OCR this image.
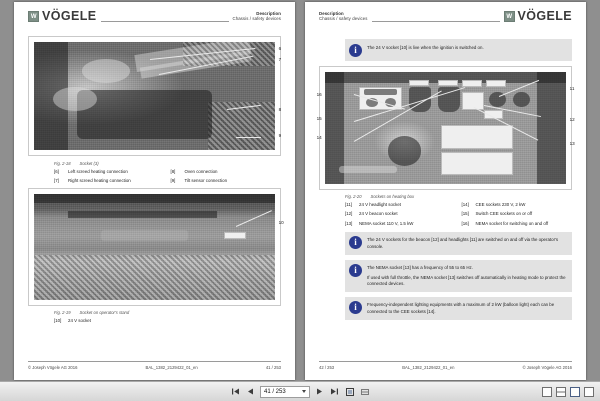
W VÖGELE	Description
Chassis / safety devices
6
7
8
9
Fig. 2-18 Socket (3)
[6]	Left screed heating connection	[8]	Oven connection
[7]	Right screed heating connection	[9]	Tilt sensor connection
10
Fig. 2-19 Socket on operator's stand
[10]	24 V socket
© Joseph Vögele AG 2016	BAL_1382_2129422_01_en	41 / 253
W VÖGELE
Description
Chassis / safety devices
i	The 24 V socket [10] is live when the ignition is switched on.

16
15
14
11
12
13
Fig. 2-20 Sockets on heating box
[11]	24 V headlight socket	[14]	CEE sockets 230 V, 2 kW
[12]	24 V beacon socket	[15]	Switch CEE sockets on or off
[13]	NEMA socket 110 V, 1.5 kW	[16]	NEMA socket for switching on and off
i	The 24 V sockets for the beacon [12] and headlights [11] are switched on and off via the operator's console.

i	The NEMA socket [13] has a frequency of 55 to 65 Hz.

If used with full throttle, the NEMA socket [13] switches off automatically in heating mode to protect the connected devices.

i	Frequency-independent lighting equipments with a maximum of 2 kW (balloon light) each can be connected to the CEE sockets [14].

42 / 253	BAL_1382_2129422_01_en	© Joseph Vögele AG 2016
41 / 253
